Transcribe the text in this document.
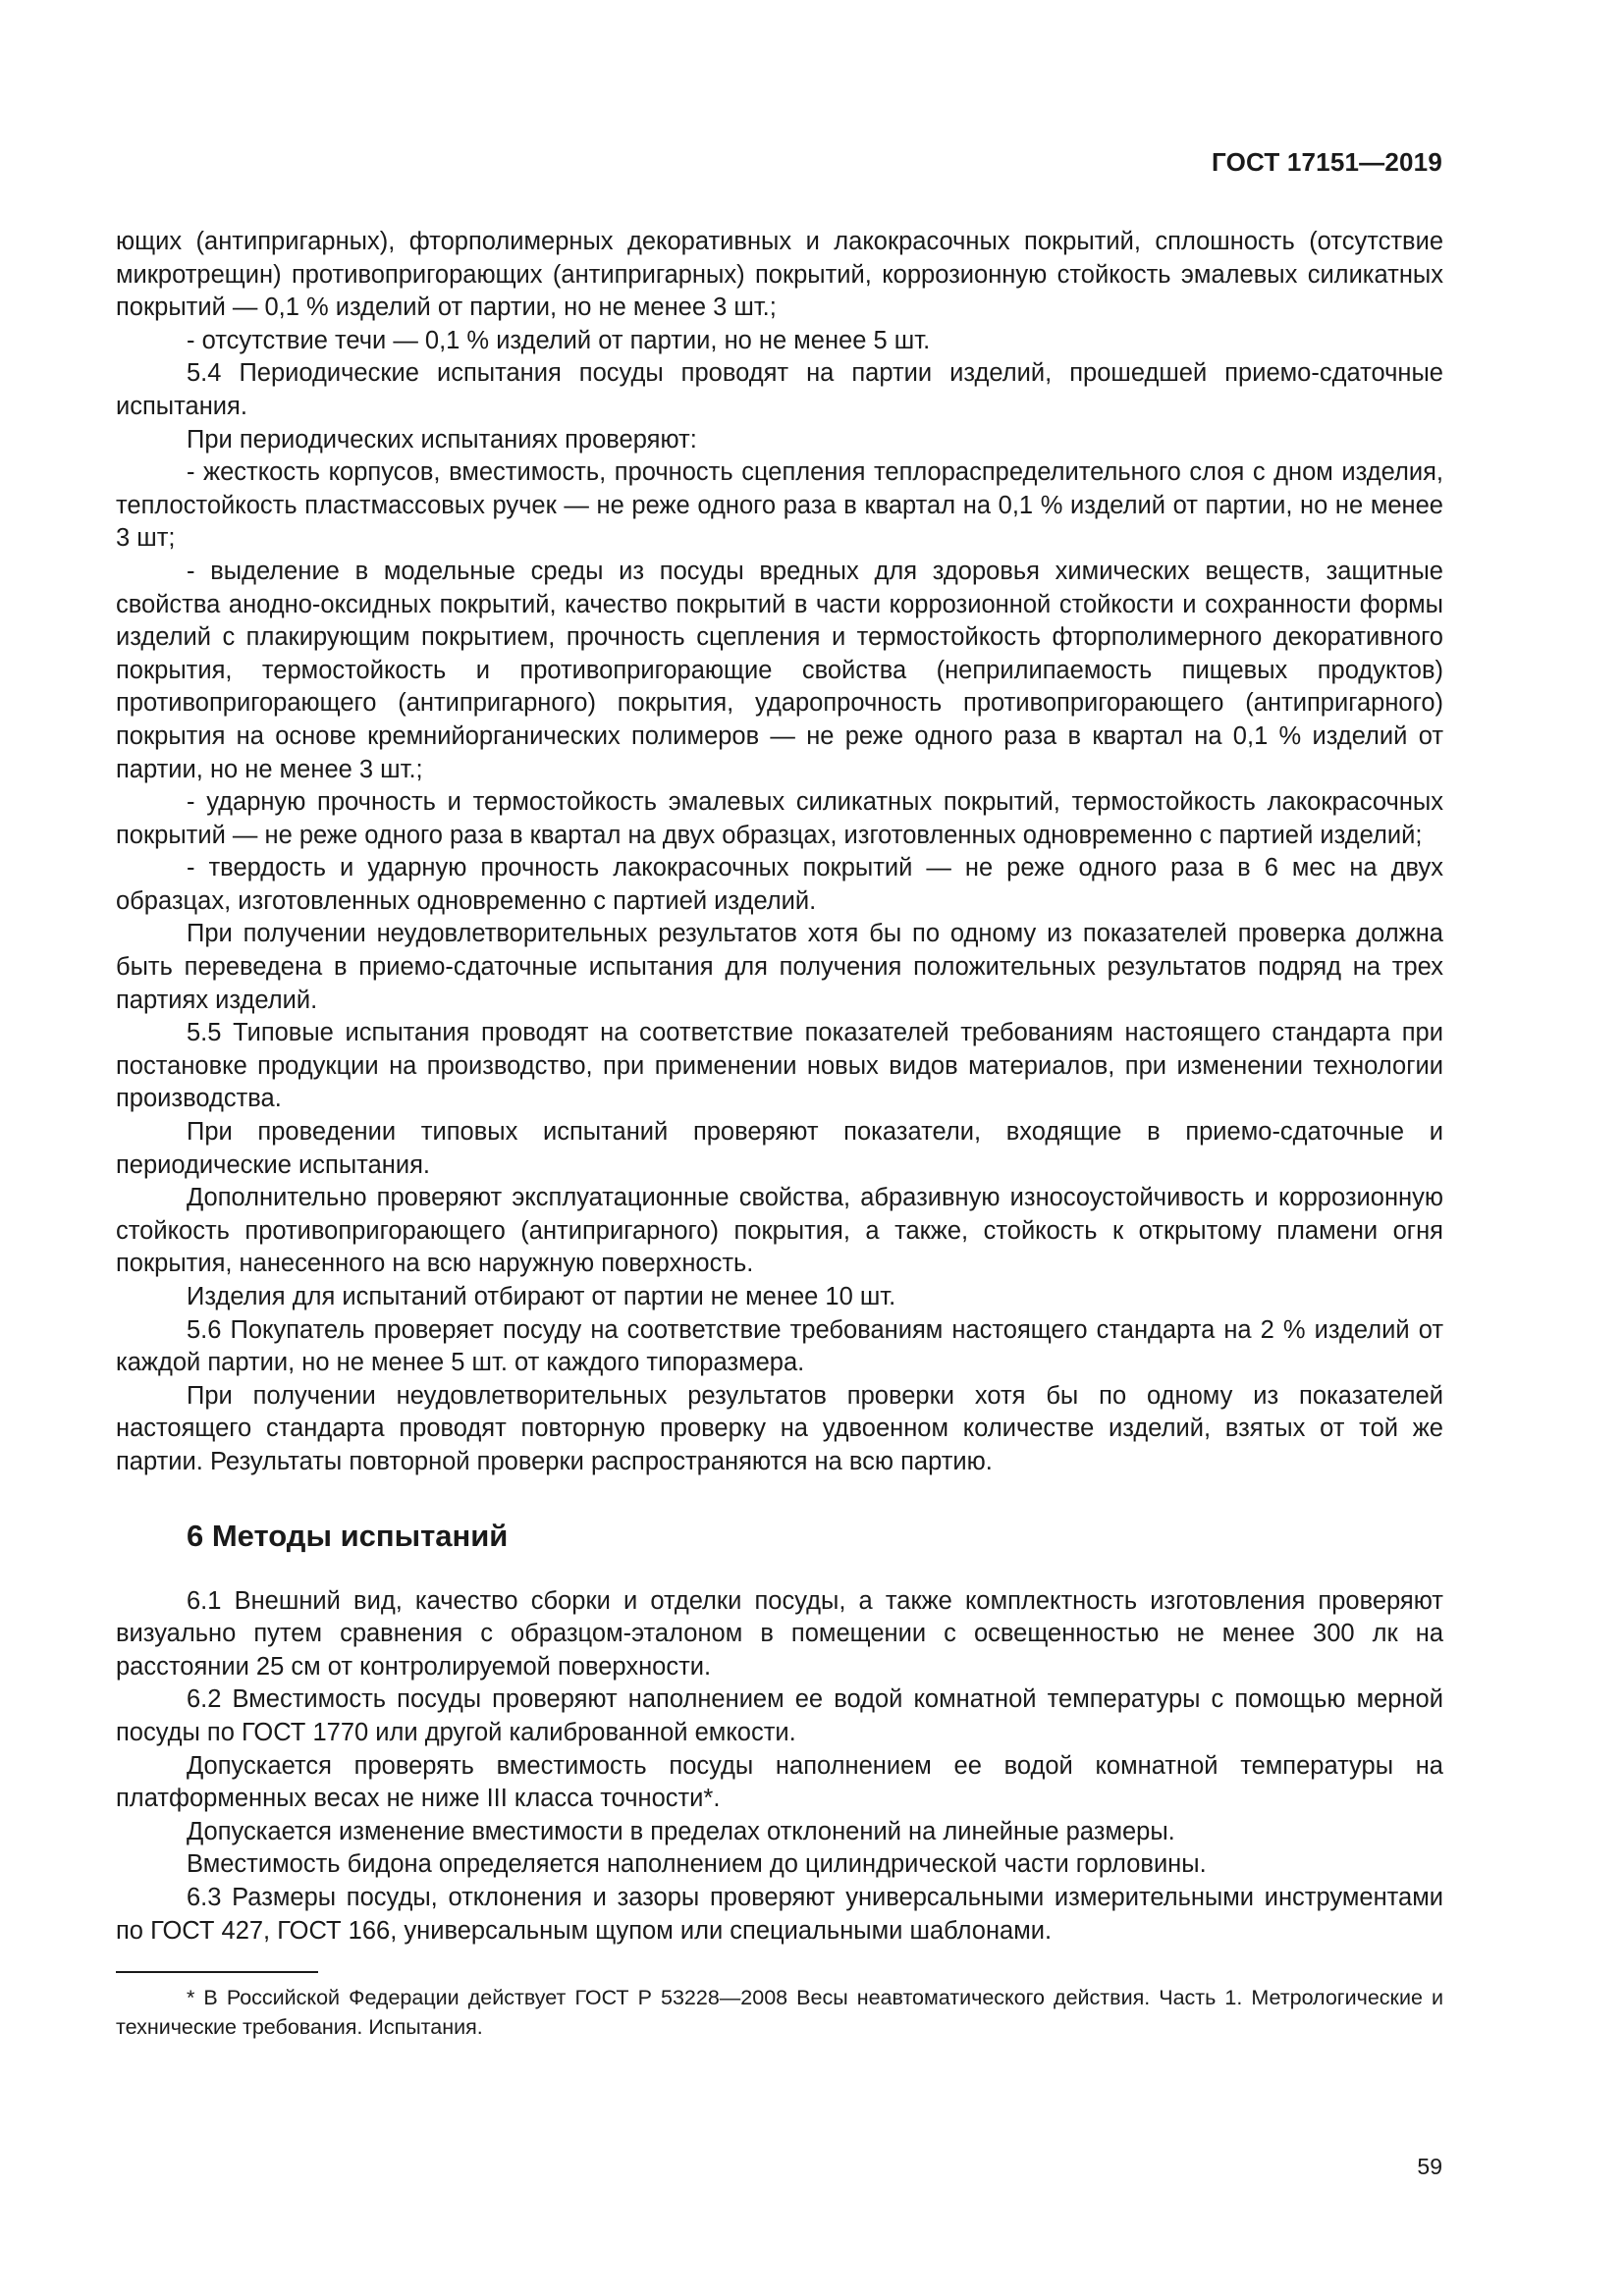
ГОСТ 17151—2019

ющих (антипригарных), фторполимерных декоративных и лакокрасочных покрытий, сплошность (отсутствие микротрещин) противопригорающих (антипригарных) покрытий, коррозионную стойкость эмалевых силикатных покрытий — 0,1 % изделий от партии, но не менее 3 шт.;

- отсутствие течи — 0,1 % изделий от партии, но не менее 5 шт.

5.4 Периодические испытания посуды проводят на партии изделий, прошедшей приемо-сдаточные испытания.

При периодических испытаниях проверяют:

- жесткость корпусов, вместимость, прочность сцепления теплораспределительного слоя с дном изделия, теплостойкость пластмассовых ручек — не реже одного раза в квартал на 0,1 % изделий от партии, но не менее 3 шт;

- выделение в модельные среды из посуды вредных для здоровья химических веществ, защитные свойства анодно-оксидных покрытий, качество покрытий в части коррозионной стойкости и сохранности формы изделий с плакирующим покрытием, прочность сцепления и термостойкость фторполимерного декоративного покрытия, термостойкость и противопригорающие свойства (неприлипаемость пищевых продуктов) противопригорающего (антипригарного) покрытия, ударопрочность противопригорающего (антипригарного) покрытия на основе кремнийорганических полимеров — не реже одного раза в квартал на 0,1 % изделий от партии, но не менее 3 шт.;

- ударную прочность и термостойкость эмалевых силикатных покрытий, термостойкость лакокрасочных покрытий — не реже одного раза в квартал на двух образцах, изготовленных одновременно с партией изделий;

- твердость и ударную прочность лакокрасочных покрытий — не реже одного раза в 6 мес на двух образцах, изготовленных одновременно с партией изделий.

При получении неудовлетворительных результатов хотя бы по одному из показателей проверка должна быть переведена в приемо-сдаточные испытания для получения положительных результатов подряд на трех партиях изделий.

5.5 Типовые испытания проводят на соответствие показателей требованиям настоящего стандарта при постановке продукции на производство, при применении новых видов материалов, при изменении технологии производства.

При проведении типовых испытаний проверяют показатели, входящие в приемо-сдаточные и периодические испытания.

Дополнительно проверяют эксплуатационные свойства, абразивную износоустойчивость и коррозионную стойкость противопригорающего (антипригарного) покрытия, а также, стойкость к открытому пламени огня покрытия, нанесенного на всю наружную поверхность.

Изделия для испытаний отбирают от партии не менее 10 шт.

5.6 Покупатель проверяет посуду на соответствие требованиям настоящего стандарта на 2 % изделий от каждой партии, но не менее 5 шт. от каждого типоразмера.

При получении неудовлетворительных результатов проверки хотя бы по одному из показателей настоящего стандарта проводят повторную проверку на удвоенном количестве изделий, взятых от той же партии. Результаты повторной проверки распространяются на всю партию.

6 Методы испытаний

6.1 Внешний вид, качество сборки и отделки посуды, а также комплектность изготовления проверяют визуально путем сравнения с образцом-эталоном в помещении с освещенностью не менее 300 лк на расстоянии 25 см от контролируемой поверхности.

6.2 Вместимость посуды проверяют наполнением ее водой комнатной температуры с помощью мерной посуды по ГОСТ 1770 или другой калиброванной емкости.

Допускается проверять вместимость посуды наполнением ее водой комнатной температуры на платформенных весах не ниже III класса точности*.

Допускается изменение вместимости в пределах отклонений на линейные размеры.

Вместимость бидона определяется наполнением до цилиндрической части горловины.

6.3 Размеры посуды, отклонения и зазоры проверяют универсальными измерительными инструментами по ГОСТ 427, ГОСТ 166, универсальным щупом или специальными шаблонами.

* В Российской Федерации действует ГОСТ Р 53228—2008 Весы неавтоматического действия. Часть 1. Метрологические и технические требования. Испытания.

59
